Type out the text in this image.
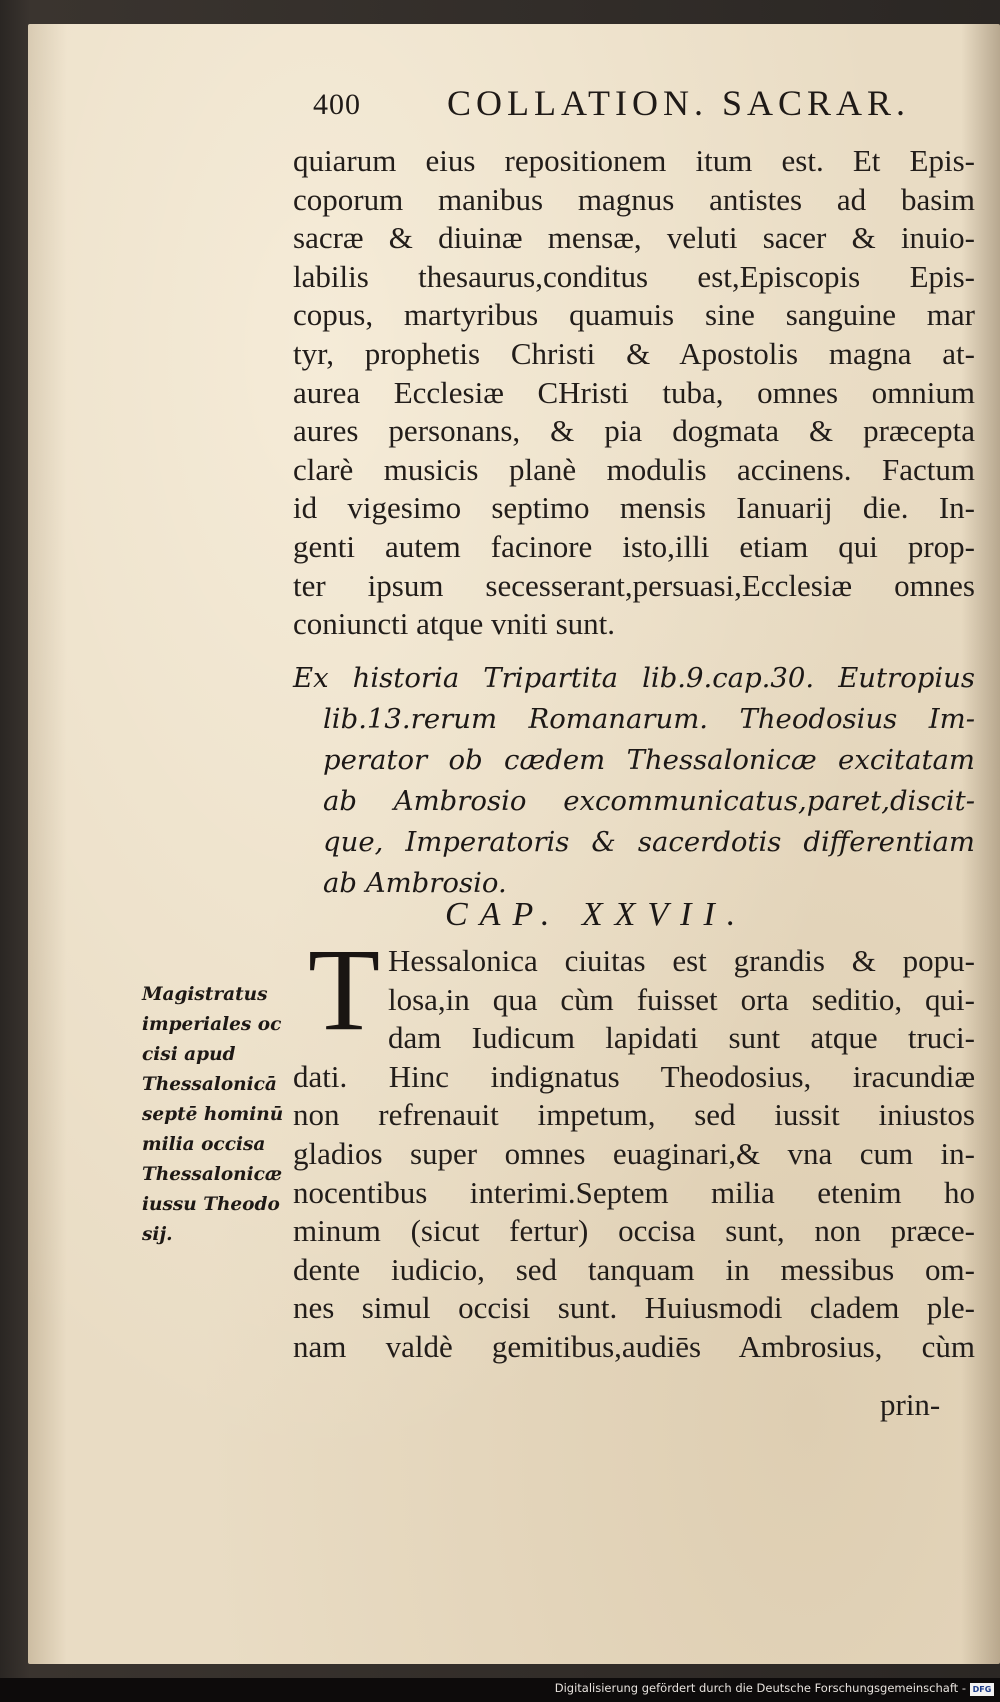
400 COLLATION. SACRAR.
quiarum eius repositionem itum est. Et Epis-
coporum manibus magnus antistes ad basim
sacræ & diuinæ mensæ, veluti sacer & inuio-
labilis thesaurus,conditus est,Episcopis Epis-
copus, martyribus quamuis sine sanguine mar
tyr, prophetis Christi & Apostolis magna at-
aurea Ecclesiæ CHristi tuba, omnes omnium
aures personans, & pia dogmata & præcepta
clarè musicis planè modulis accinens. Factum
id vigesimo septimo mensis Ianuarij die. In-
genti autem facinore isto,illi etiam qui prop-
ter ipsum secesserant,persuasi,Ecclesiæ omnes
coniuncti atque vniti sunt.
Ex historia Tripartita lib.9.cap.30. Eutropius
lib.13.rerum Romanarum. Theodosius Im-
perator ob cædem Thessalonicæ excitatam
ab Ambrosio excommunicatus,paret,discit-
que, Imperatoris & sacerdotis differentiam
ab Ambrosio.
CAP. XXVII.
T Hessalonica ciuitas est grandis & popu-
losa,in qua cùm fuisset orta seditio, qui-
dam Iudicum lapidati sunt atque truci-
dati. Hinc indignatus Theodosius, iracundiæ
non refrenauit impetum, sed iussit iniustos
gladios super omnes euaginari,& vna cum in-
nocentibus interimi.Septem milia etenim ho
minum (sicut fertur) occisa sunt, non præce-
dente iudicio, sed tanquam in messibus om-
nes simul occisi sunt. Huiusmodi cladem ple-
nam valdè gemitibus,audiēs Ambrosius, cùm
Magistratus
imperiales oc
cisi apud
Thessalonicā
septē hominū
milia occisa
Thessalonicæ
iussu Theodo
sij.
prin-
Digitalisierung gefördert durch die Deutsche Forschungsgemeinschaft - DFG
